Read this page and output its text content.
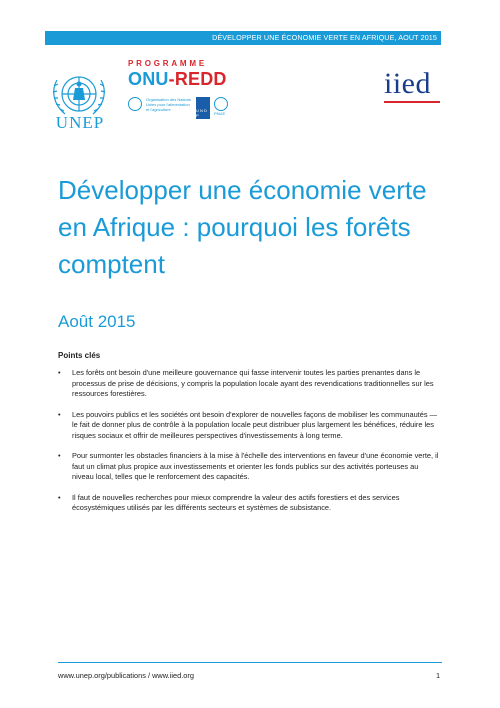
DÉVELOPPER UNE ÉCONOMIE VERTE EN AFRIQUE, AOUT 2015
UNEP
PROGRAMME
ONU-REDD
Organisation des Nations Unies pour l'alimentation et l'agriculture	U N D P	PNUE
iied
Développer une économie verte en Afrique : pourquoi les forêts comptent

Août 2015

Points clés
• Les forêts ont besoin d'une meilleure gouvernance qui fasse intervenir toutes les parties prenantes dans le processus de prise de décisions, y compris la population locale ayant des revendications traditionnelles sur les ressources forestières.
• Les pouvoirs publics et les sociétés ont besoin d'explorer de nouvelles façons de mobiliser les communautés — le fait de donner plus de contrôle à la population locale peut distribuer plus largement les bénéfices, réduire les risques sociaux et offrir de meilleures perspectives d'investissements à long terme.
• Pour surmonter les obstacles financiers à la mise à l'échelle des interventions en faveur d'une économie verte, il faut un climat plus propice aux investissements et orienter les fonds publics sur des activités porteuses au niveau local, telles que le renforcement des capacités.
• Il faut de nouvelles recherches pour mieux comprendre la valeur des actifs forestiers et des services écosystémiques utilisés par les différents secteurs et systèmes de subsistance.
www.unep.org/publications / www.iied.org	1
